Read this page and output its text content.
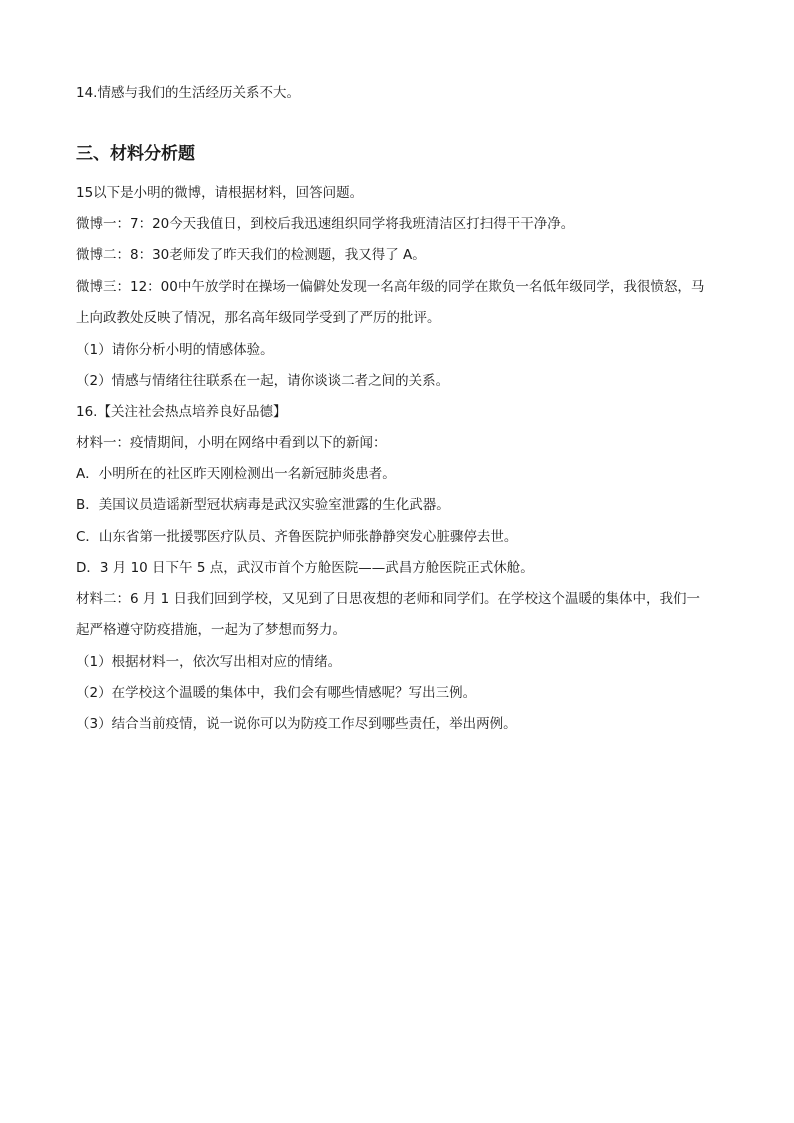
14.情感与我们的生活经历关系不大。
三、材料分析题
15以下是小明的微博，请根据材料，回答问题。
微博一：7：20今天我值日，到校后我迅速组织同学将我班清洁区打扫得干干净净。
微博二：8：30老师发了昨天我们的检测题，我又得了 A。
微博三：12：00中午放学时在操场一偏僻处发现一名高年级的同学在欺负一名低年级同学，我很愤怒，马
上向政教处反映了情况，那名高年级同学受到了严厉的批评。
（1）请你分析小明的情感体验。
（2）情感与情绪往往联系在一起，请你谈谈二者之间的关系。
16.【关注社会热点培养良好品德】
材料一：疫情期间，小明在网络中看到以下的新闻：
A．小明所在的社区昨天刚检测出一名新冠肺炎患者。
B．美国议员造谣新型冠状病毒是武汉实验室泄露的生化武器。
C．山东省第一批援鄂医疗队员、齐鲁医院护师张静静突发心脏骤停去世。
D．3 月 10 日下午 5 点，武汉市首个方舱医院——武昌方舱医院正式休舱。
材料二：6 月 1 日我们回到学校，又见到了日思夜想的老师和同学们。在学校这个温暖的集体中，我们一
起严格遵守防疫措施，一起为了梦想而努力。
（1）根据材料一，依次写出相对应的情绪。
（2）在学校这个温暖的集体中，我们会有哪些情感呢？写出三例。
（3）结合当前疫情，说一说你可以为防疫工作尽到哪些责任，举出两例。
